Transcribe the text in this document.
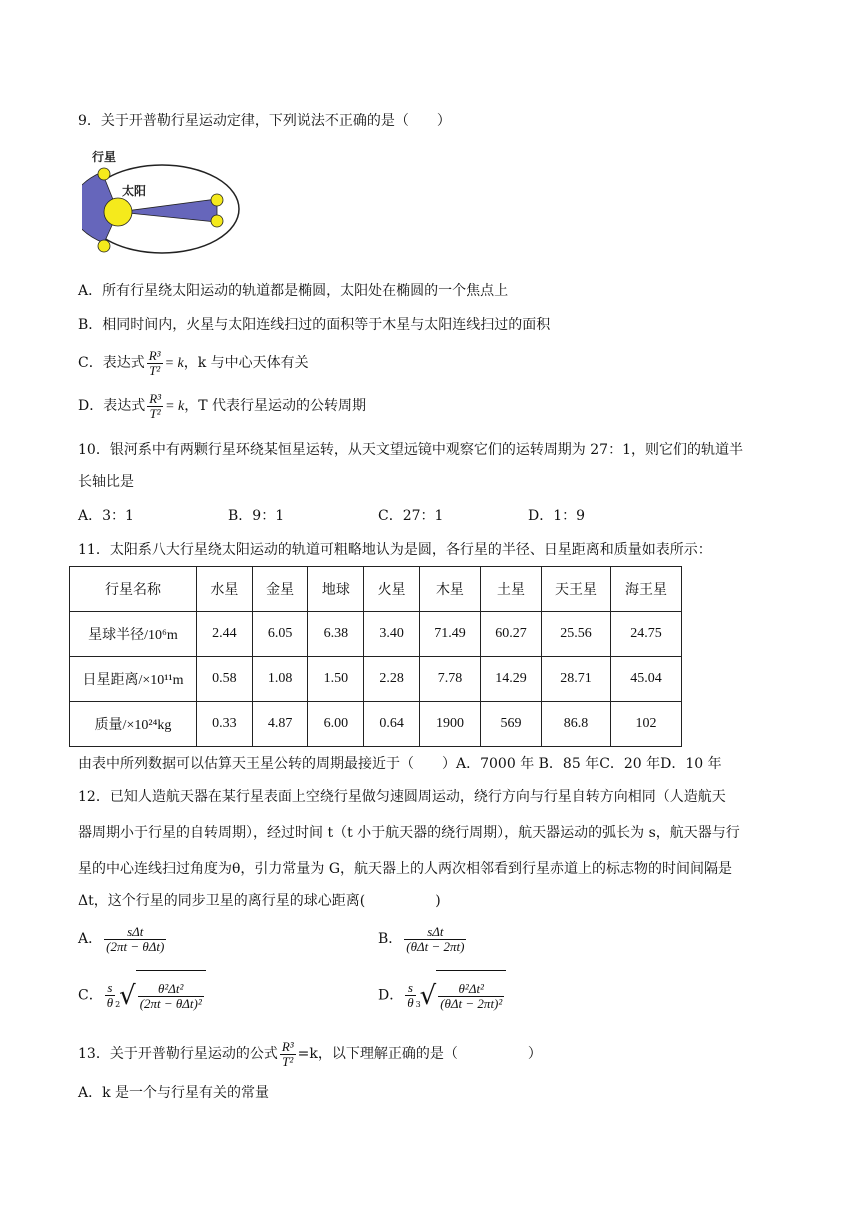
9．关于开普勒行星运动定律，下列说法不正确的是（　　）
行星
太阳
A．所有行星绕太阳运动的轨道都是椭圆，太阳处在椭圆的一个焦点上
B．相同时间内，火星与太阳连线扫过的面积等于木星与太阳连线扫过的面积
C．表达式 $\frac{\text{R³}}{\text{T²}} = k$，k 与中心天体有关
D．表达式 $\frac{\text{R³}}{\text{T²}} = k$，T 代表行星运动的公转周期
10．银河系中有两颗行星环绕某恒星运转，从天文望远镜中观察它们的运转周期为 27：1，则它们的轨道半
长轴比是
A．3：1	B．9：1	C．27：1	D．1：9
11．太阳系八大行星绕太阳运动的轨道可粗略地认为是圆，各行星的半径、日星距离和质量如表所示：
行星名称	水星	金星	地球	火星	木星	土星	天王星	海王星
星球半径/10⁶m	2.44	6.05	6.38	3.40	71.49	60.27	25.56	24.75
日星距离/×10¹¹m	0.58	1.08	1.50	2.28	7.78	14.29	28.71	45.04
质量/×10²⁴kg	0.33	4.87	6.00	0.64	1900	569	86.8	102
由表中所列数据可以估算天王星公转的周期最接近于（　　）A．7000 年 B．85 年C．20 年D．10 年
12．已知人造航天器在某行星表面上空绕行星做匀速圆周运动，绕行方向与行星自转方向相同（人造航天
器周期小于行星的自转周期），经过时间 t（t 小于航天器的绕行周期），航天器运动的弧长为 s，航天器与行
星的中心连线扫过角度为θ，引力常量为 G，航天器上的人两次相邻看到行星赤道上的标志物的时间间隔是
Δt，这个行星的同步卫星的离行星的球心距离(　　　　　)
A． $\frac{\text{sΔt}}{\text{(2πt − θΔt)}}$	B． $\frac{\text{sΔt}}{\text{(θΔt − 2πt)}}$
C． $\frac{s}{\theta} 2$
√ $\frac{\text{θ²Δt²}}{\text{(2πt − θΔt)²}}$	D． $\frac{s}{\theta} 3$
√ $\frac{\text{θ²Δt²}}{\text{(θΔt − 2πt)²}}$
13．关于开普勒行星运动的公式 $\frac{\text{R³}}{\text{T²}} =k$，以下理解正确的是（　　　　　）
A．k 是一个与行星有关的常量
